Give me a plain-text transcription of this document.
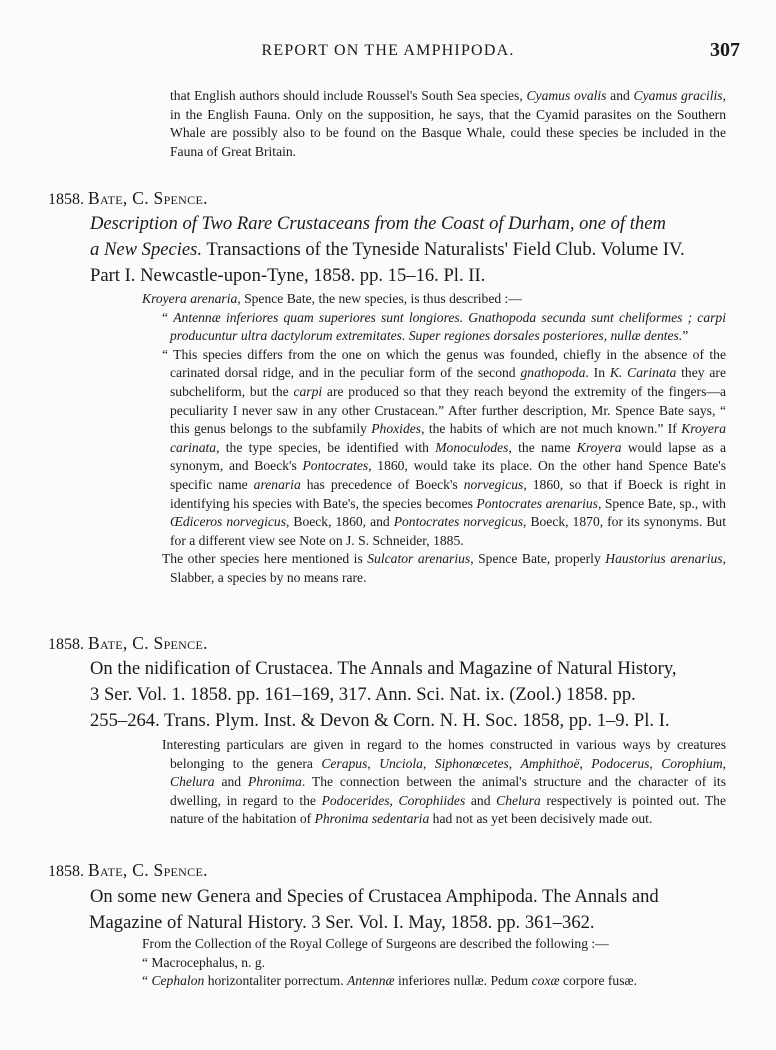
REPORT ON THE AMPHIPODA.	307
that English authors should include Roussel's South Sea species, Cyamus ovalis and Cyamus gracilis, in the English Fauna. Only on the supposition, he says, that the Cyamid parasites on the Southern Whale are possibly also to be found on the Basque Whale, could these species be included in the Fauna of Great Britain.
1858. Bate, C. Spence.
Description of Two Rare Crustaceans from the Coast of Durham, one of them
a New Species. Transactions of the Tyneside Naturalists' Field Club. Volume IV.
Part I. Newcastle-upon-Tyne, 1858. pp. 15–16. Pl. II.
Kroyera arenaria, Spence Bate, the new species, is thus described :—
“ Antennæ inferiores quam superiores sunt longiores. Gnathopoda secunda sunt cheliformes ; carpi producuntur ultra dactylorum extremitates. Super regiones dorsales posteriores, nullæ dentes.”
“ This species differs from the one on which the genus was founded, chiefly in the absence of the carinated dorsal ridge, and in the peculiar form of the second gnathopoda. In K. Carinata they are subcheliform, but the carpi are produced so that they reach beyond the extremity of the fingers—a peculiarity I never saw in any other Crustacean.” After further description, Mr. Spence Bate says, “ this genus belongs to the subfamily Phoxides, the habits of which are not much known.” If Kroyera carinata, the type species, be identified with Monoculodes, the name Kroyera would lapse as a synonym, and Boeck's Pontocrates, 1860, would take its place. On the other hand Spence Bate's specific name arenaria has precedence of Boeck's norvegicus, 1860, so that if Boeck is right in identifying his species with Bate's, the species becomes Pontocrates arenarius, Spence Bate, sp., with Œdiceros norvegicus, Boeck, 1860, and Pontocrates norvegicus, Boeck, 1870, for its synonyms. But for a different view see Note on J. S. Schneider, 1885.
The other species here mentioned is Sulcator arenarius, Spence Bate, properly Haustorius arenarius, Slabber, a species by no means rare.
1858. Bate, C. Spence.
On the nidification of Crustacea. The Annals and Magazine of Natural History,
3 Ser. Vol. 1. 1858. pp. 161–169, 317. Ann. Sci. Nat. ix. (Zool.) 1858. pp.
255–264. Trans. Plym. Inst. & Devon & Corn. N. H. Soc. 1858, pp. 1–9. Pl. I.
Interesting particulars are given in regard to the homes constructed in various ways by creatures belonging to the genera Cerapus, Unciola, Siphonœcetes, Amphithoë, Podocerus, Corophium, Chelura and Phronima. The connection between the animal's structure and the character of its dwelling, in regard to the Podocerides, Corophiides and Chelura respectively is pointed out. The nature of the habitation of Phronima sedentaria had not as yet been decisively made out.
1858. Bate, C. Spence.
On some new Genera and Species of Crustacea Amphipoda. The Annals and
Magazine of Natural History. 3 Ser. Vol. I. May, 1858. pp. 361–362.
From the Collection of the Royal College of Surgeons are described the following :—
“ Macrocephalus, n. g.
“ Cephalon horizontaliter porrectum. Antennæ inferiores nullæ. Pedum coxæ corpore fusæ.
